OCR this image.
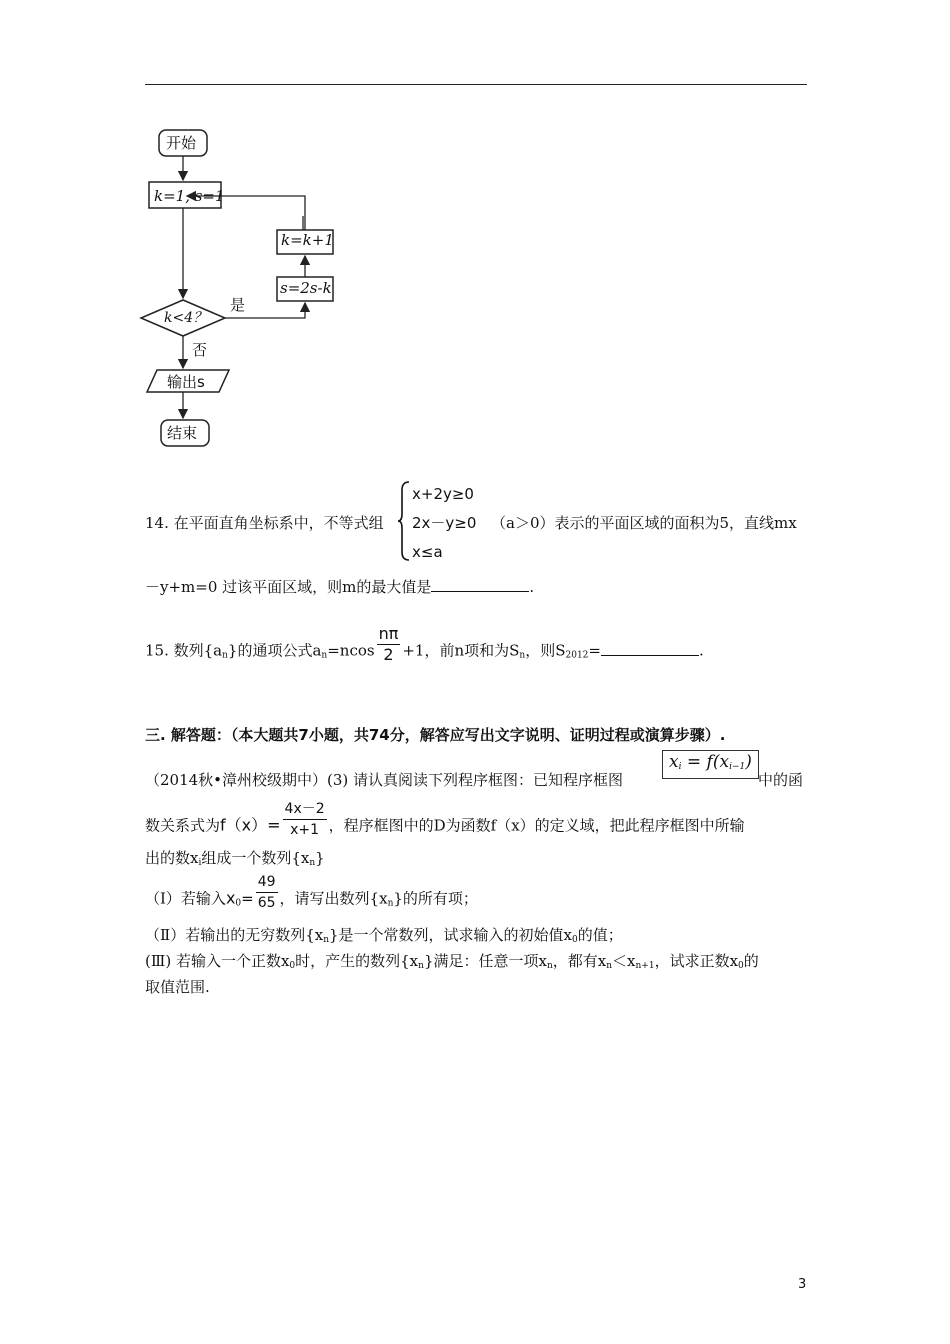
开始
k=1, s=1
k=k+1
s=2s-k
是
k<4？
否
输出s
结束
14. 在平面直角坐标系中，不等式组
x+2y≥0
2x－y≥0
x≤a
（a＞0）表示的平面区域的面积为5，直线mx
－y+m=0 过该平面区域，则m的最大值是	.
15. 数列$\{a_n\}$的通项公式$a_n=ncos \frac{n\pi}{2} +1$，前n项和为$S_n$，则$S_{2012}=$	.
三. 解答题：（本大题共7小题，共74分，解答应写出文字说明、证明过程或演算步骤）.
（2014秋•漳州校级期中）(3) 请认真阅读下列程序框图：已知程序框图
$x_i = f(x_{i-1})$
中的函
数关系式为$f(x)= \frac{4x-2}{x+1}$ ，程序框图中的D为函数f（x）的定义域，把此程序框图中所输
出的数$x_i$组成一个数列$\{x_n\}$
（Ⅰ）若输入$x_0= \frac{49}{65}$ ，请写出数列$\{x_n\}$的所有项；
（Ⅱ）若输出的无穷数列$\{x_n\}$是一个常数列，试求输入的初始值$x_0$的值；
(Ⅲ) 若输入一个正数$x_0$时，产生的数列$\{x_n\}$满足：任意一项$x_n$，都有$x_n<x_{n+1}$，试求正数$x_0$的
取值范围.
3
